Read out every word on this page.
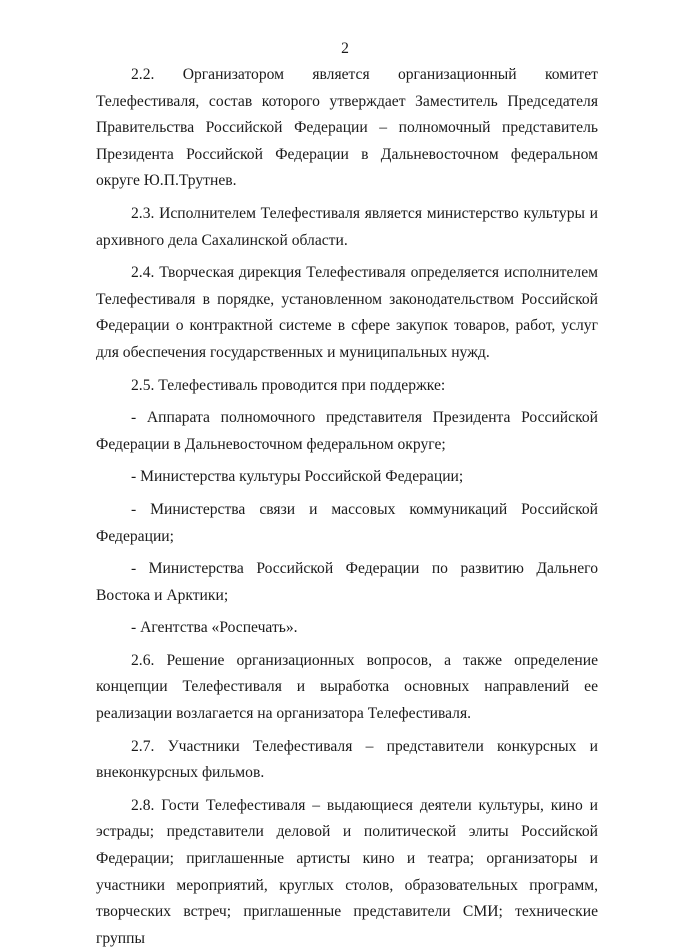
2

2.2. Организатором является организационный комитет Телефестиваля, состав которого утверждает Заместитель Председателя Правительства Российской Федерации – полномочный представитель Президента Российской Федерации в Дальневосточном федеральном округе Ю.П.Трутнев.

2.3. Исполнителем Телефестиваля является министерство культуры и архивного дела Сахалинской области.

2.4. Творческая дирекция Телефестиваля определяется исполнителем Телефестиваля в порядке, установленном законодательством Российской Федерации о контрактной системе в сфере закупок товаров, работ, услуг для обеспечения государственных и муниципальных нужд.

2.5. Телефестиваль проводится при поддержке:

- Аппарата полномочного представителя Президента Российской Федерации в Дальневосточном федеральном округе;

- Министерства культуры Российской Федерации;

- Министерства связи и массовых коммуникаций Российской Федерации;

- Министерства Российской Федерации по развитию Дальнего Востока и Арктики;

- Агентства «Роспечать».

2.6. Решение организационных вопросов, а также определение концепции Телефестиваля и выработка основных направлений ее реализации возлагается на организатора Телефестиваля.

2.7. Участники Телефестиваля – представители конкурсных и внеконкурсных фильмов.

2.8. Гости Телефестиваля – выдающиеся деятели культуры, кино и эстрады; представители деловой и политической элиты Российской Федерации; приглашенные артисты кино и театра; организаторы и участники мероприятий, круглых столов, образовательных программ, творческих встреч; приглашенные представители СМИ; технические группы
